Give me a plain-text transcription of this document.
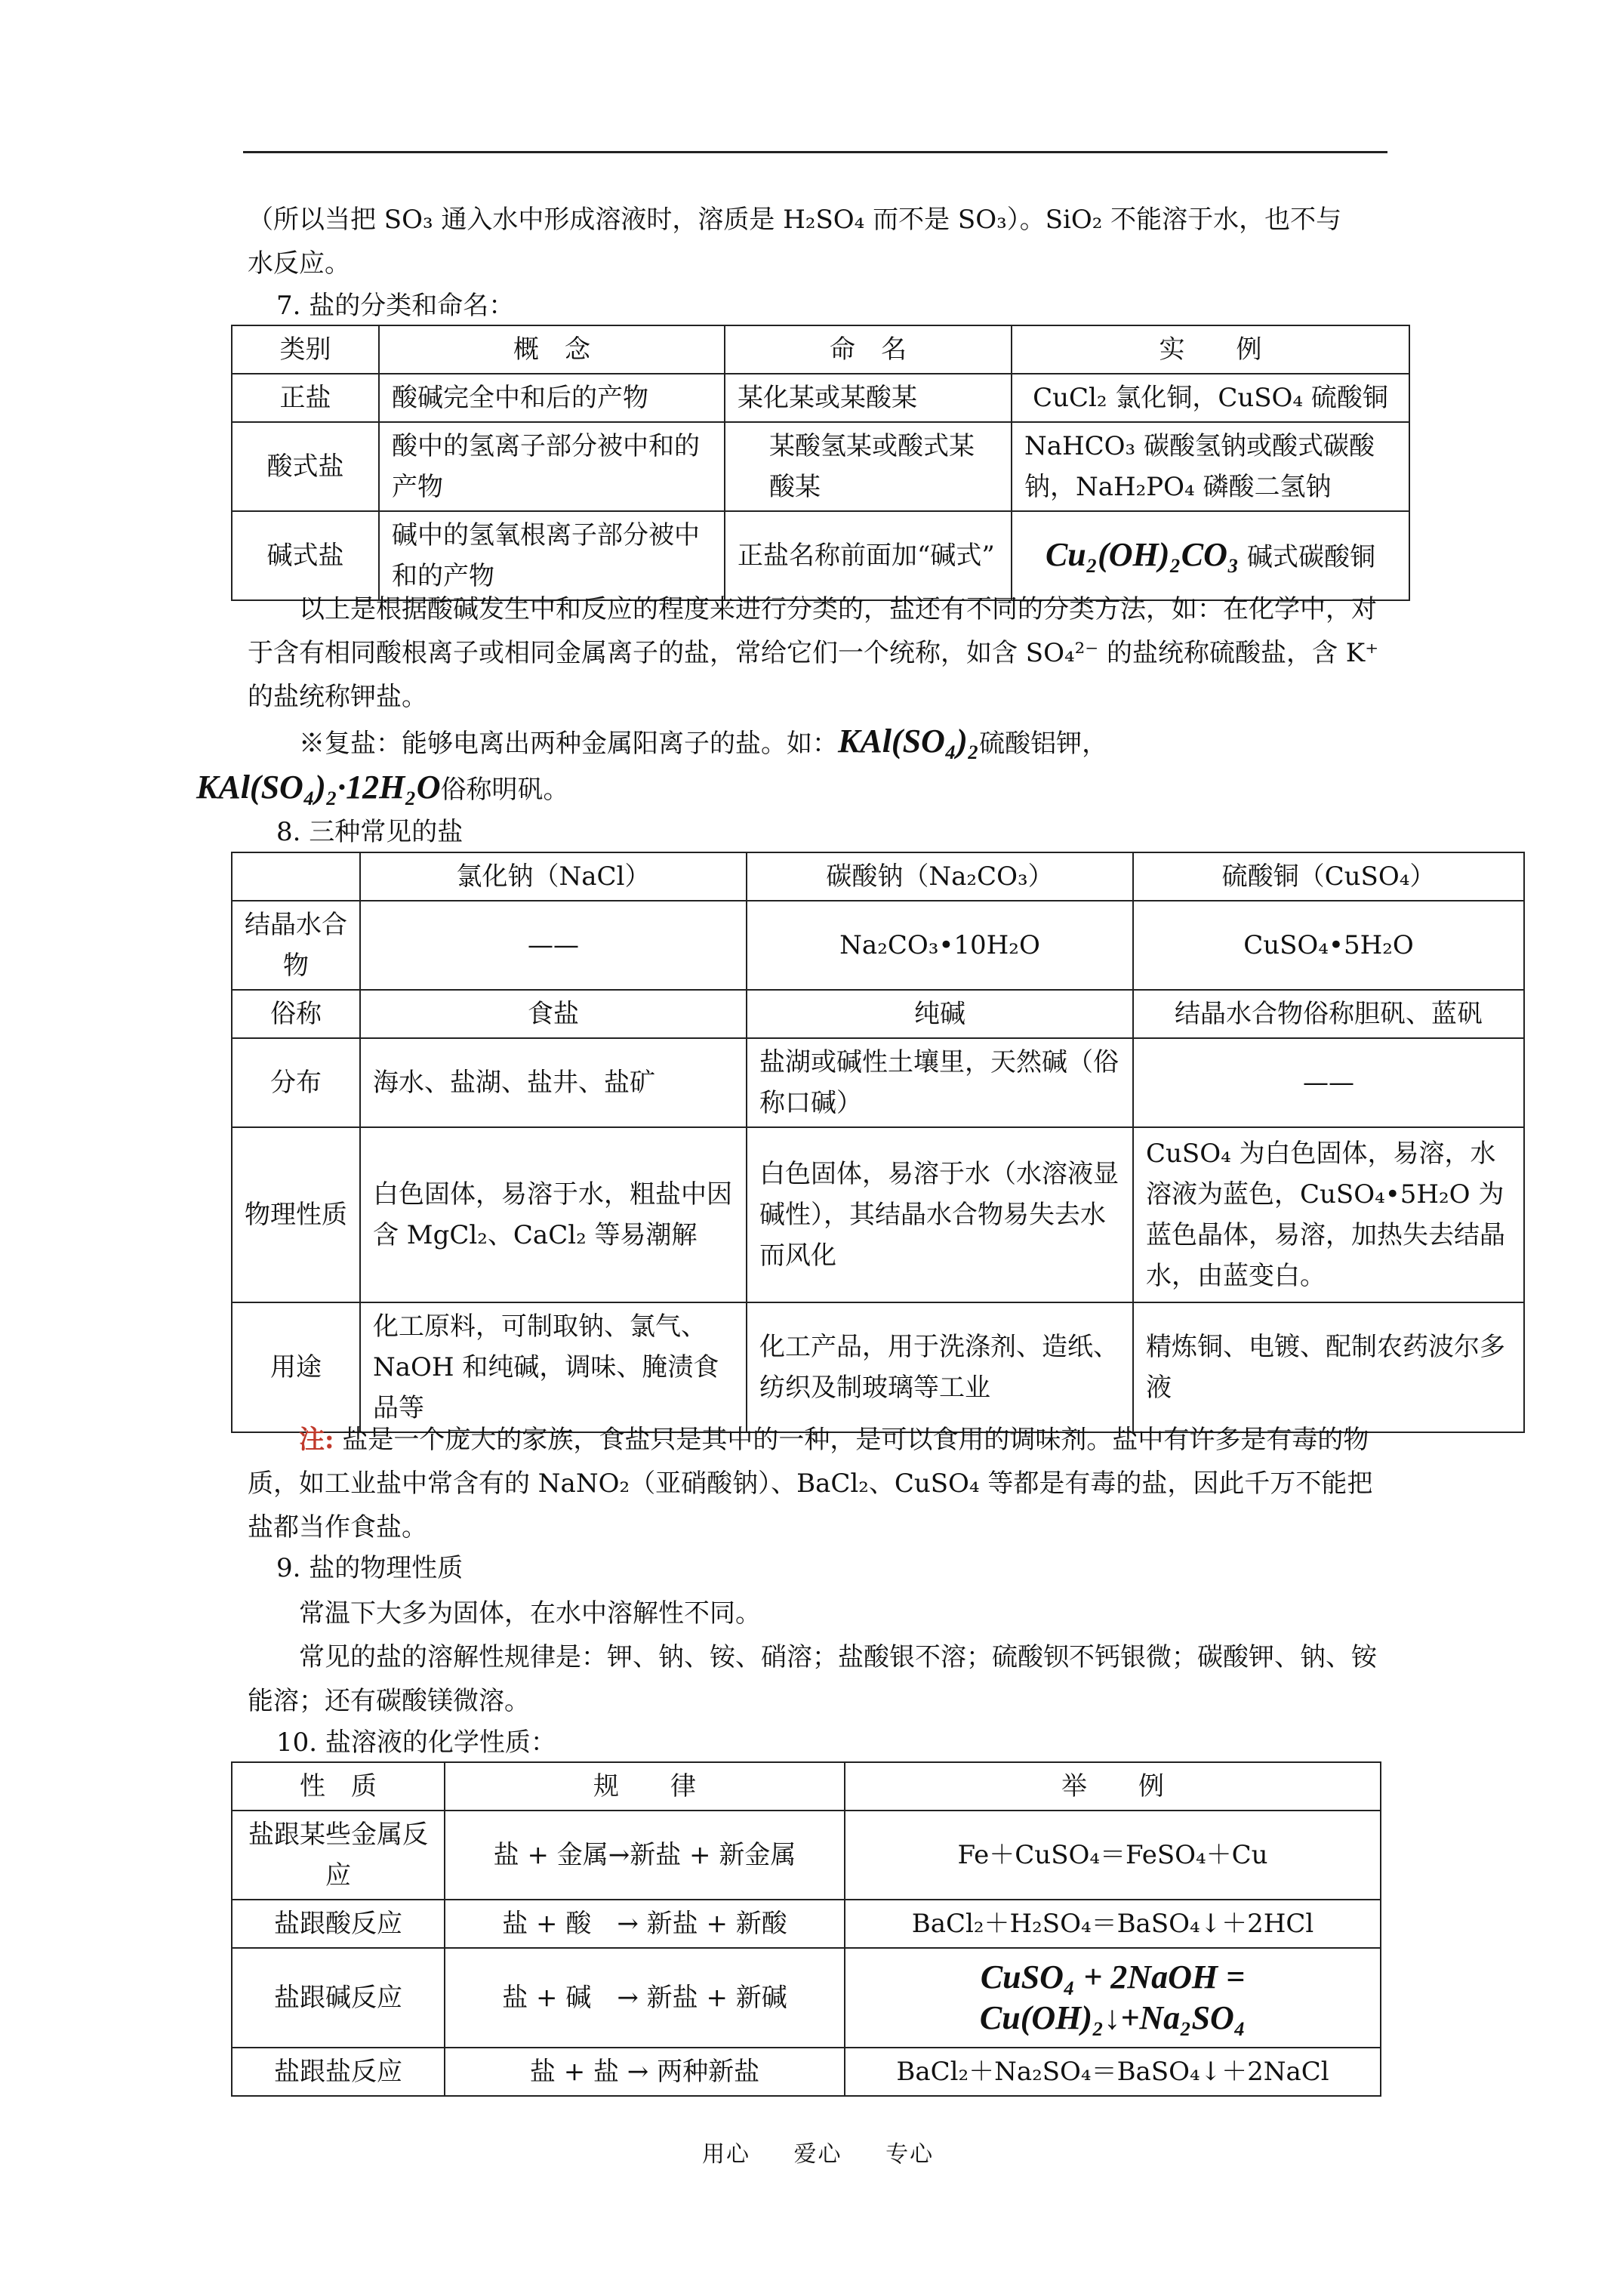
（所以当把 SO₃ 通入水中形成溶液时，溶质是 H₂SO₄ 而不是 SO₃）。SiO₂ 不能溶于水，也不与
水反应。
7. 盐的分类和命名：
类别	概　念	命　名	实　　例
正盐	酸碱完全中和后的产物	某化某或某酸某	CuCl₂ 氯化铜，CuSO₄ 硫酸铜
酸式盐	酸中的氢离子部分被中和的产物	某酸氢某或酸式某酸某	NaHCO₃ 碳酸氢钠或酸式碳酸钠，NaH₂PO₄ 磷酸二氢钠
碱式盐	碱中的氢氧根离子部分被中和的产物	正盐名称前面加“碱式”	Cu₂(OH)₂CO₃ 碱式碳酸铜
以上是根据酸碱发生中和反应的程度来进行分类的，盐还有不同的分类方法，如：在化学中，对于含有相同酸根离子或相同金属离子的盐，常给它们一个统称，如含 SO₄²⁻ 的盐统称硫酸盐，含 K⁺ 的盐统称钾盐。
※复盐：能够电离出两种金属阳离子的盐。如：KAl(SO₄)₂硫酸铝钾，
KAl(SO₄)₂·12H₂O俗称明矾。
8. 三种常见的盐
	氯化钠（NaCl）	碳酸钠（Na₂CO₃）	硫酸铜（CuSO₄）
结晶水合物	——	Na₂CO₃•10H₂O	CuSO₄•5H₂O
俗称	食盐	纯碱	结晶水合物俗称胆矾、蓝矾
分布	海水、盐湖、盐井、盐矿	盐湖或碱性土壤里，天然碱（俗称口碱）	——
物理性质	白色固体，易溶于水，粗盐中因含 MgCl₂、CaCl₂ 等易潮解	白色固体，易溶于水（水溶液显碱性），其结晶水合物易失去水而风化	CuSO₄ 为白色固体，易溶，水溶液为蓝色，CuSO₄•5H₂O 为蓝色晶体，易溶，加热失去结晶水，由蓝变白。
用途	化工原料，可制取钠、氯气、NaOH 和纯碱，调味、腌渍食品等	化工产品，用于洗涤剂、造纸、纺织及制玻璃等工业	精炼铜、电镀、配制农药波尔多液
注: 盐是一个庞大的家族，食盐只是其中的一种，是可以食用的调味剂。盐中有许多是有毒的物质，如工业盐中常含有的 NaNO₂（亚硝酸钠）、BaCl₂、CuSO₄ 等都是有毒的盐，因此千万不能把盐都当作食盐。
9. 盐的物理性质
常温下大多为固体，在水中溶解性不同。
常见的盐的溶解性规律是：钾、钠、铵、硝溶；盐酸银不溶；硫酸钡不钙银微；碳酸钾、钠、铵能溶；还有碳酸镁微溶。
10. 盐溶液的化学性质：
性　质	规　　律	举　　例
盐跟某些金属反应	盐 + 金属→新盐 + 新金属	Fe＋CuSO₄＝FeSO₄＋Cu
盐跟酸反应	盐 + 酸　→ 新盐 + 新酸	BaCl₂＋H₂SO₄＝BaSO₄↓＋2HCl
盐跟碱反应	盐 + 碱　→ 新盐 + 新碱	CuSO₄ + 2NaOH =
Cu(OH)₂↓+Na₂SO₄

盐跟盐反应	盐 + 盐 → 两种新盐	BaCl₂＋Na₂SO₄＝BaSO₄↓＋2NaCl
用心 爱心 专心
